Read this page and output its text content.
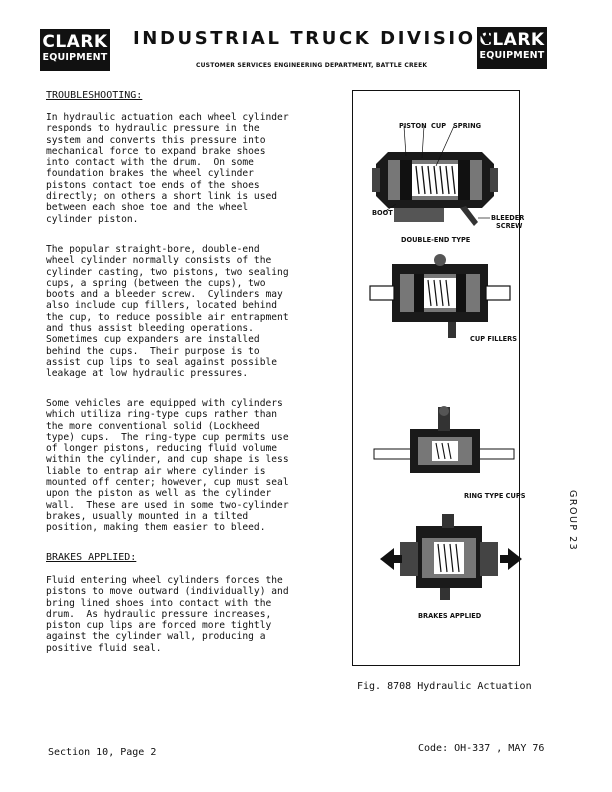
CLARK
EQUIPMENT
CLARK
EQUIPMENT
INDUSTRIAL TRUCK DIVISION
CUSTOMER SERVICES ENGINEERING DEPARTMENT, BATTLE CREEK
TROUBLESHOOTING:
In hydraulic actuation each wheel cylinder
responds to hydraulic pressure in the
system and converts this pressure into
mechanical force to expand brake shoes
into contact with the drum.  On some
foundation brakes the wheel cylinder
pistons contact toe ends of the shoes
directly; on others a short link is used
between each shoe toe and the wheel
cylinder piston.
The popular straight-bore, double-end
wheel cylinder normally consists of the
cylinder casting, two pistons, two sealing
cups, a spring (between the cups), two
boots and a bleeder screw.  Cylinders may
also include cup fillers, located behind
the cup, to reduce possible air entrapment
and thus assist bleeding operations.
Sometimes cup expanders are installed
behind the cups.  Their purpose is to
assist cup lips to seal against possible
leakage at low hydraulic pressures.
Some vehicles are equipped with cylinders
which utiliza ring-type cups rather than
the more conventional solid (Lockheed
type) cups.  The ring-type cup permits use
of longer pistons, reducing fluid volume
within the cylinder, and cup shape is less
liable to entrap air where cylinder is
mounted off center; however, cup must seal
upon the piston as well as the cylinder
wall.  These are used in some two-cylinder
brakes, usually mounted in a tilted
position, making them easier to bleed.
BRAKES APPLIED:
Fluid entering wheel cylinders forces the
pistons to move outward (individually) and
bring lined shoes into contact with the
drum.  As hydraulic pressure increases,
piston cup lips are forced more tightly
against the cylinder wall, producing a
positive fluid seal.
PISTON CUP SPRING
BOOT
BLEEDER
SCREW
DOUBLE-END TYPE
CUP FILLERS
RING TYPE CUPS
BRAKES APPLIED
Fig. 8708 Hydraulic Actuation
GROUP 23
Section 10, Page 2	Code: OH-337 , MAY 76
